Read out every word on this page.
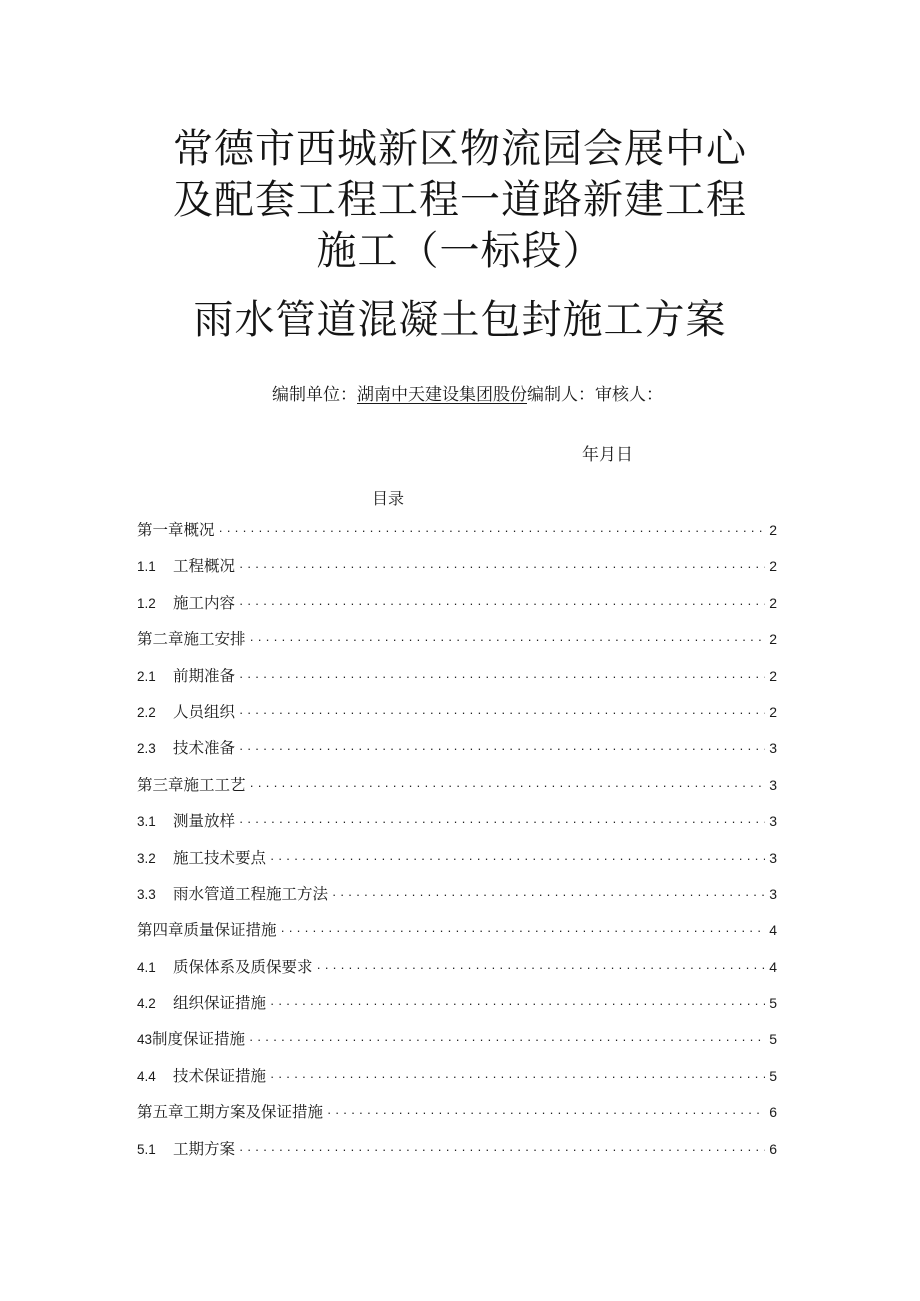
常德市西城新区物流园会展中心
及配套工程工程一道路新建工程
施工（一标段）
雨水管道混凝土包封施工方案
编制单位：湖南中天建设集团股份编制人：审核人：
年月日
目录
第一章概况 · · ·	2
1.1	工程概况 · · ·	2
1.2	施工内容 · · ·	2
第二章施工安排 · · ·	2
2.1	前期准备 · · ·	2
2.2	人员组织 · · ·	2
2.3	技术准备 · · ·	3
第三章施工工艺 · · ·	3
3.1	测量放样 · · ·	3
3.2	施工技术要点 · · ·	3
3.3	雨水管道工程施工方法 · · ·	3
第四章质量保证措施 · · ·	4
4.1	质保体系及质保要求 · · ·	4
4.2	组织保证措施 · · ·	5
43 制度保证措施 · · ·	5
4.4	技术保证措施 · · ·	5
第五章工期方案及保证措施 · · ·	6
5.1	工期方案 · · ·	6
